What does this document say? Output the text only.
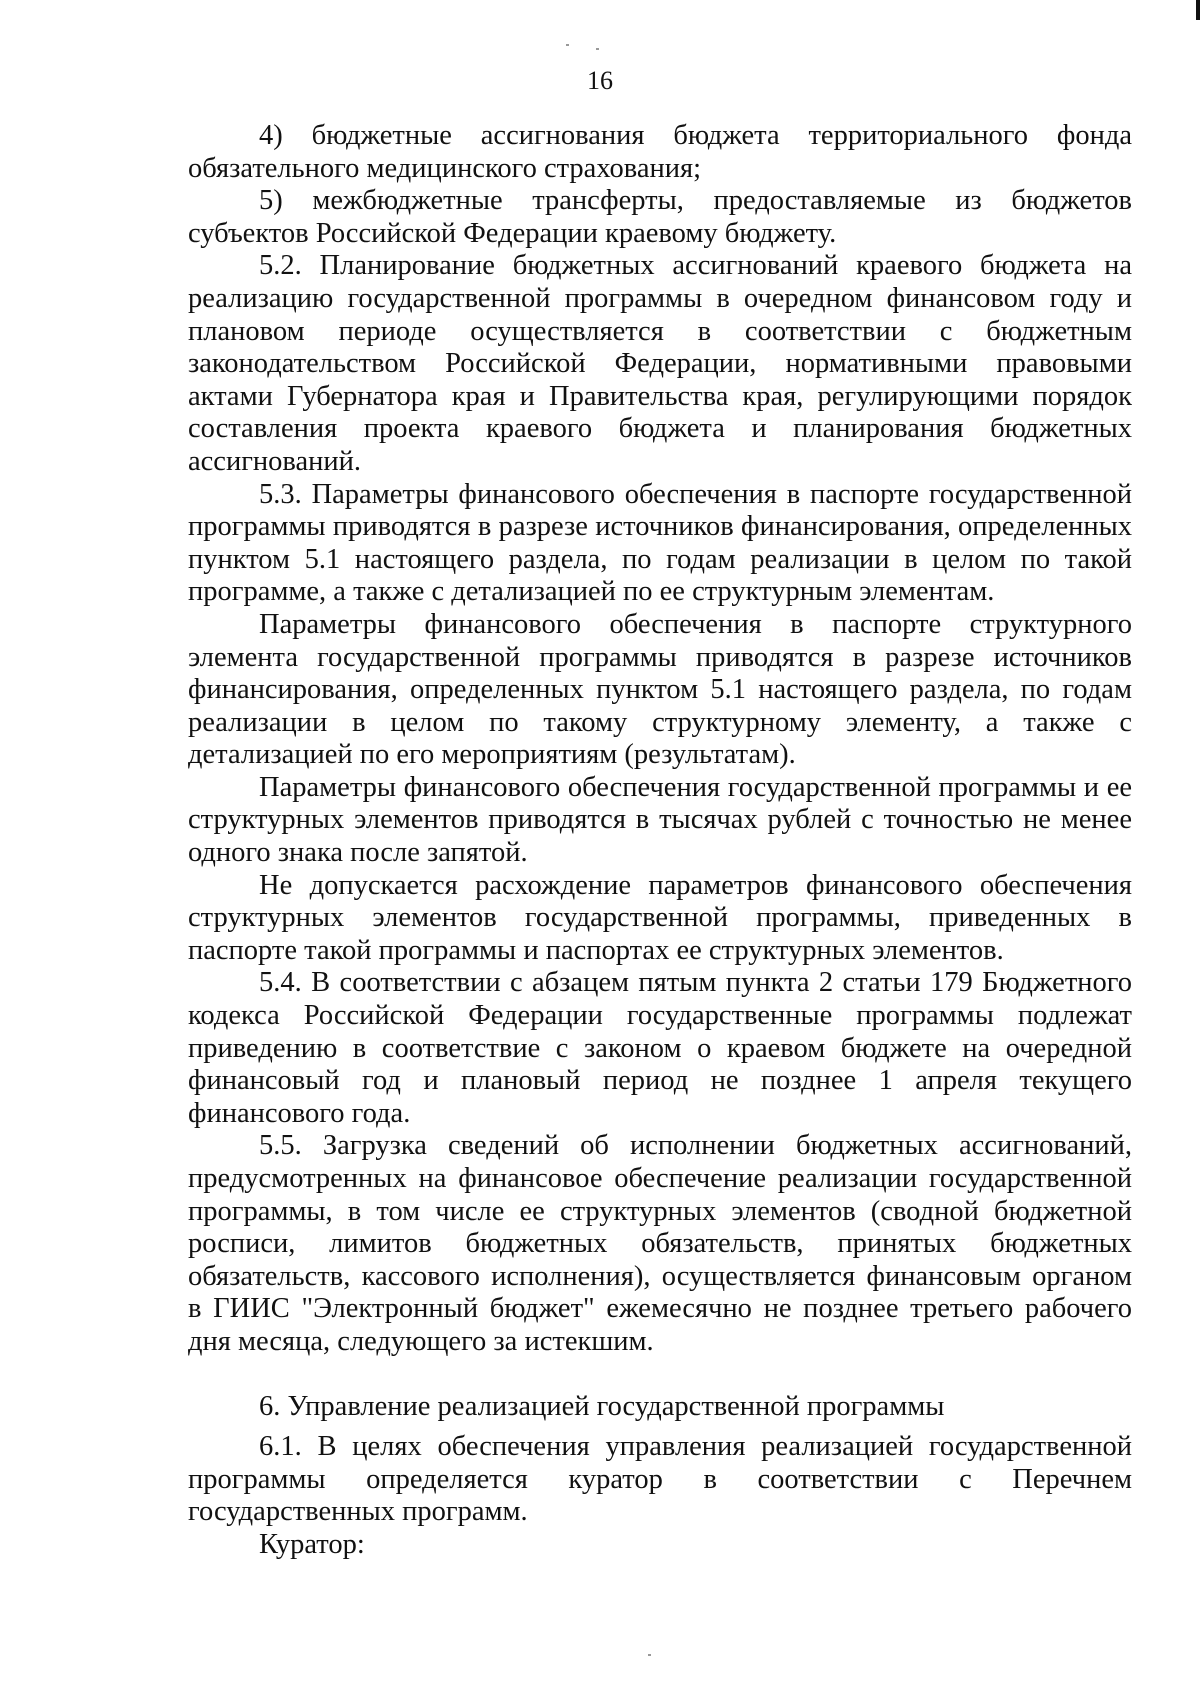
16

4) бюджетные ассигнования бюджета территориального фонда обязательного медицинского страхования;

5) межбюджетные трансферты, предоставляемые из бюджетов субъектов Российской Федерации краевому бюджету.

5.2. Планирование бюджетных ассигнований краевого бюджета на реализацию государственной программы в очередном финансовом году и плановом периоде осуществляется в соответствии с бюджетным законодательством Российской Федерации, нормативными правовыми актами Губернатора края и Правительства края, регулирующими порядок составления проекта краевого бюджета и планирования бюджетных ассигнований.

5.3. Параметры финансового обеспечения в паспорте государственной программы приводятся в разрезе источников финансирования, определенных пунктом 5.1 настоящего раздела, по годам реализации в целом по такой программе, а также с детализацией по ее структурным элементам.

Параметры финансового обеспечения в паспорте структурного элемента государственной программы приводятся в разрезе источников финансирования, определенных пунктом 5.1 настоящего раздела, по годам реализации в целом по такому структурному элементу, а также с детализацией по его мероприятиям (результатам).

Параметры финансового обеспечения государственной программы и ее структурных элементов приводятся в тысячах рублей с точностью не менее одного знака после запятой.

Не допускается расхождение параметров финансового обеспечения структурных элементов государственной программы, приведенных в паспорте такой программы и паспортах ее структурных элементов.

5.4. В соответствии с абзацем пятым пункта 2 статьи 179 Бюджетного кодекса Российской Федерации государственные программы подлежат приведению в соответствие с законом о краевом бюджете на очередной финансовый год и плановый период не позднее 1 апреля текущего финансового года.

5.5. Загрузка сведений об исполнении бюджетных ассигнований, предусмотренных на финансовое обеспечение реализации государственной программы, в том числе ее структурных элементов (сводной бюджетной росписи, лимитов бюджетных обязательств, принятых бюджетных обязательств, кассового исполнения), осуществляется финансовым органом в ГИИС "Электронный бюджет" ежемесячно не позднее третьего рабочего дня месяца, следующего за истекшим.

6. Управление реализацией государственной программы

6.1. В целях обеспечения управления реализацией государственной программы определяется куратор в соответствии с Перечнем государственных программ.

Куратор:
